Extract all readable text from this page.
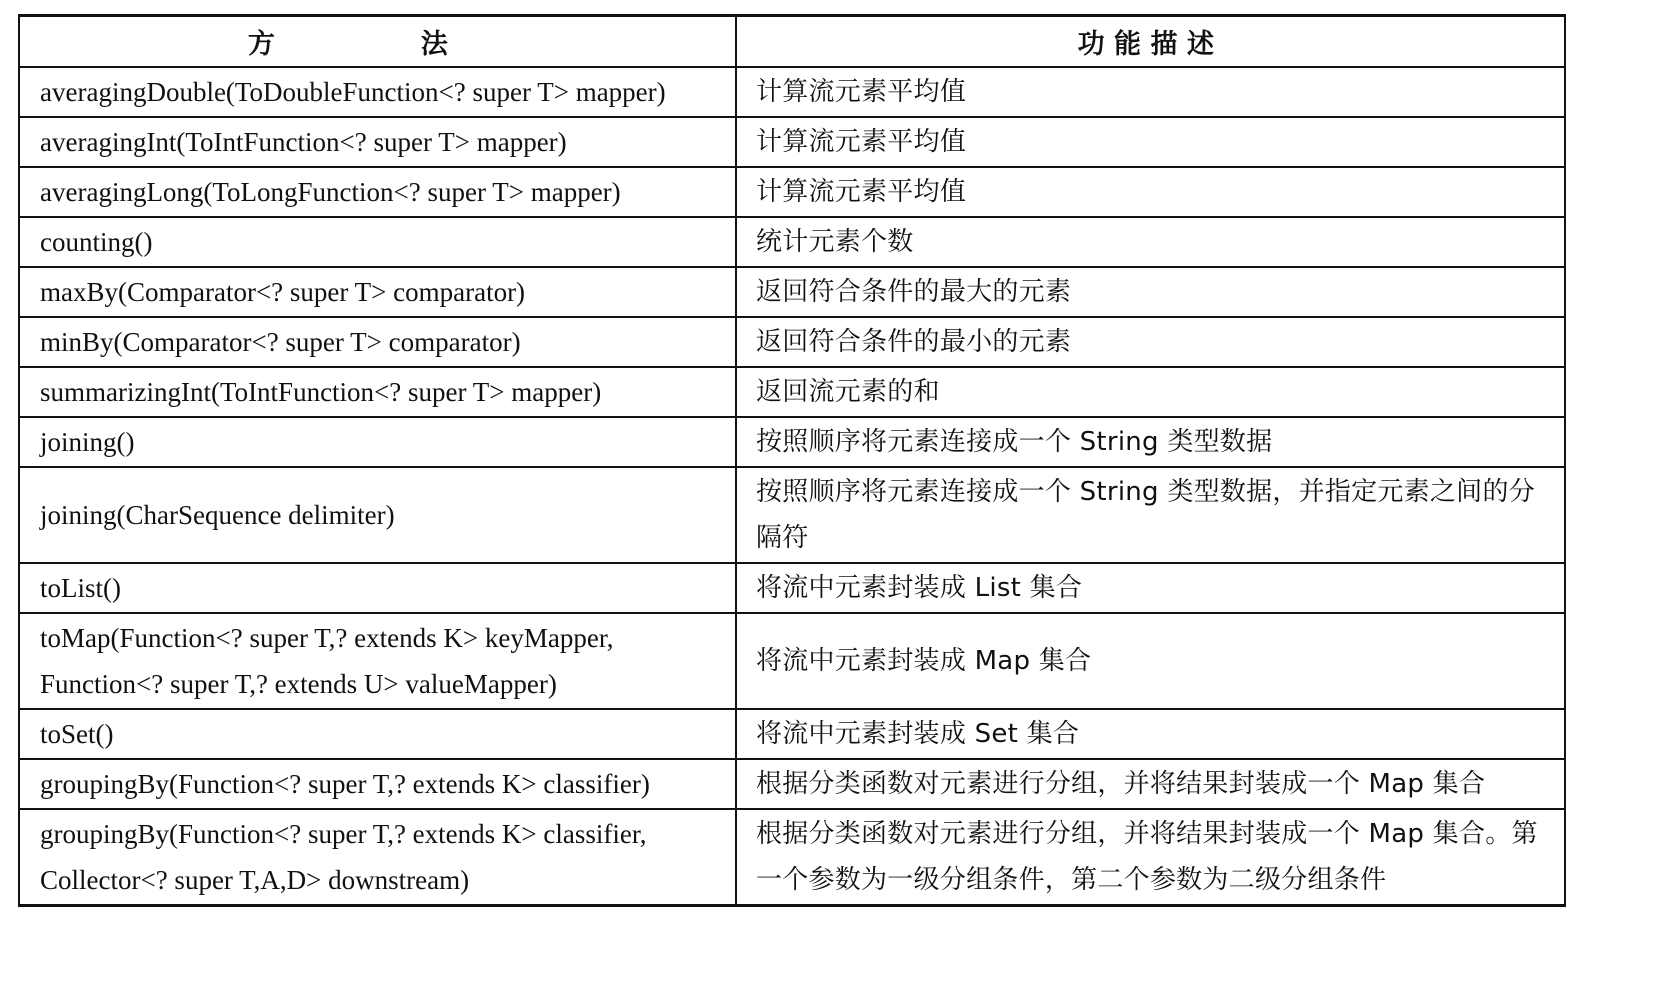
方　法	功能描述
averagingDouble(ToDoubleFunction<? super T> mapper)	计算流元素平均值
averagingInt(ToIntFunction<? super T> mapper)	计算流元素平均值
averagingLong(ToLongFunction<? super T> mapper)	计算流元素平均值
counting()	统计元素个数
maxBy(Comparator<? super T> comparator)	返回符合条件的最大的元素
minBy(Comparator<? super T> comparator)	返回符合条件的最小的元素
summarizingInt(ToIntFunction<? super T> mapper)	返回流元素的和
joining()	按照顺序将元素连接成一个 String 类型数据
joining(CharSequence delimiter)	按照顺序将元素连接成一个 String 类型数据，并指定元素之间的分隔符
toList()	将流中元素封装成 List 集合
toMap(Function<? super T,? extends K> keyMapper, Function<? super T,? extends U> valueMapper)	将流中元素封装成 Map 集合
toSet()	将流中元素封装成 Set 集合
groupingBy(Function<? super T,? extends K> classifier)	根据分类函数对元素进行分组，并将结果封装成一个 Map 集合
groupingBy(Function<? super T,? extends K> classifier, Collector<? super T,A,D> downstream)	根据分类函数对元素进行分组，并将结果封装成一个 Map 集合。第一个参数为一级分组条件，第二个参数为二级分组条件
